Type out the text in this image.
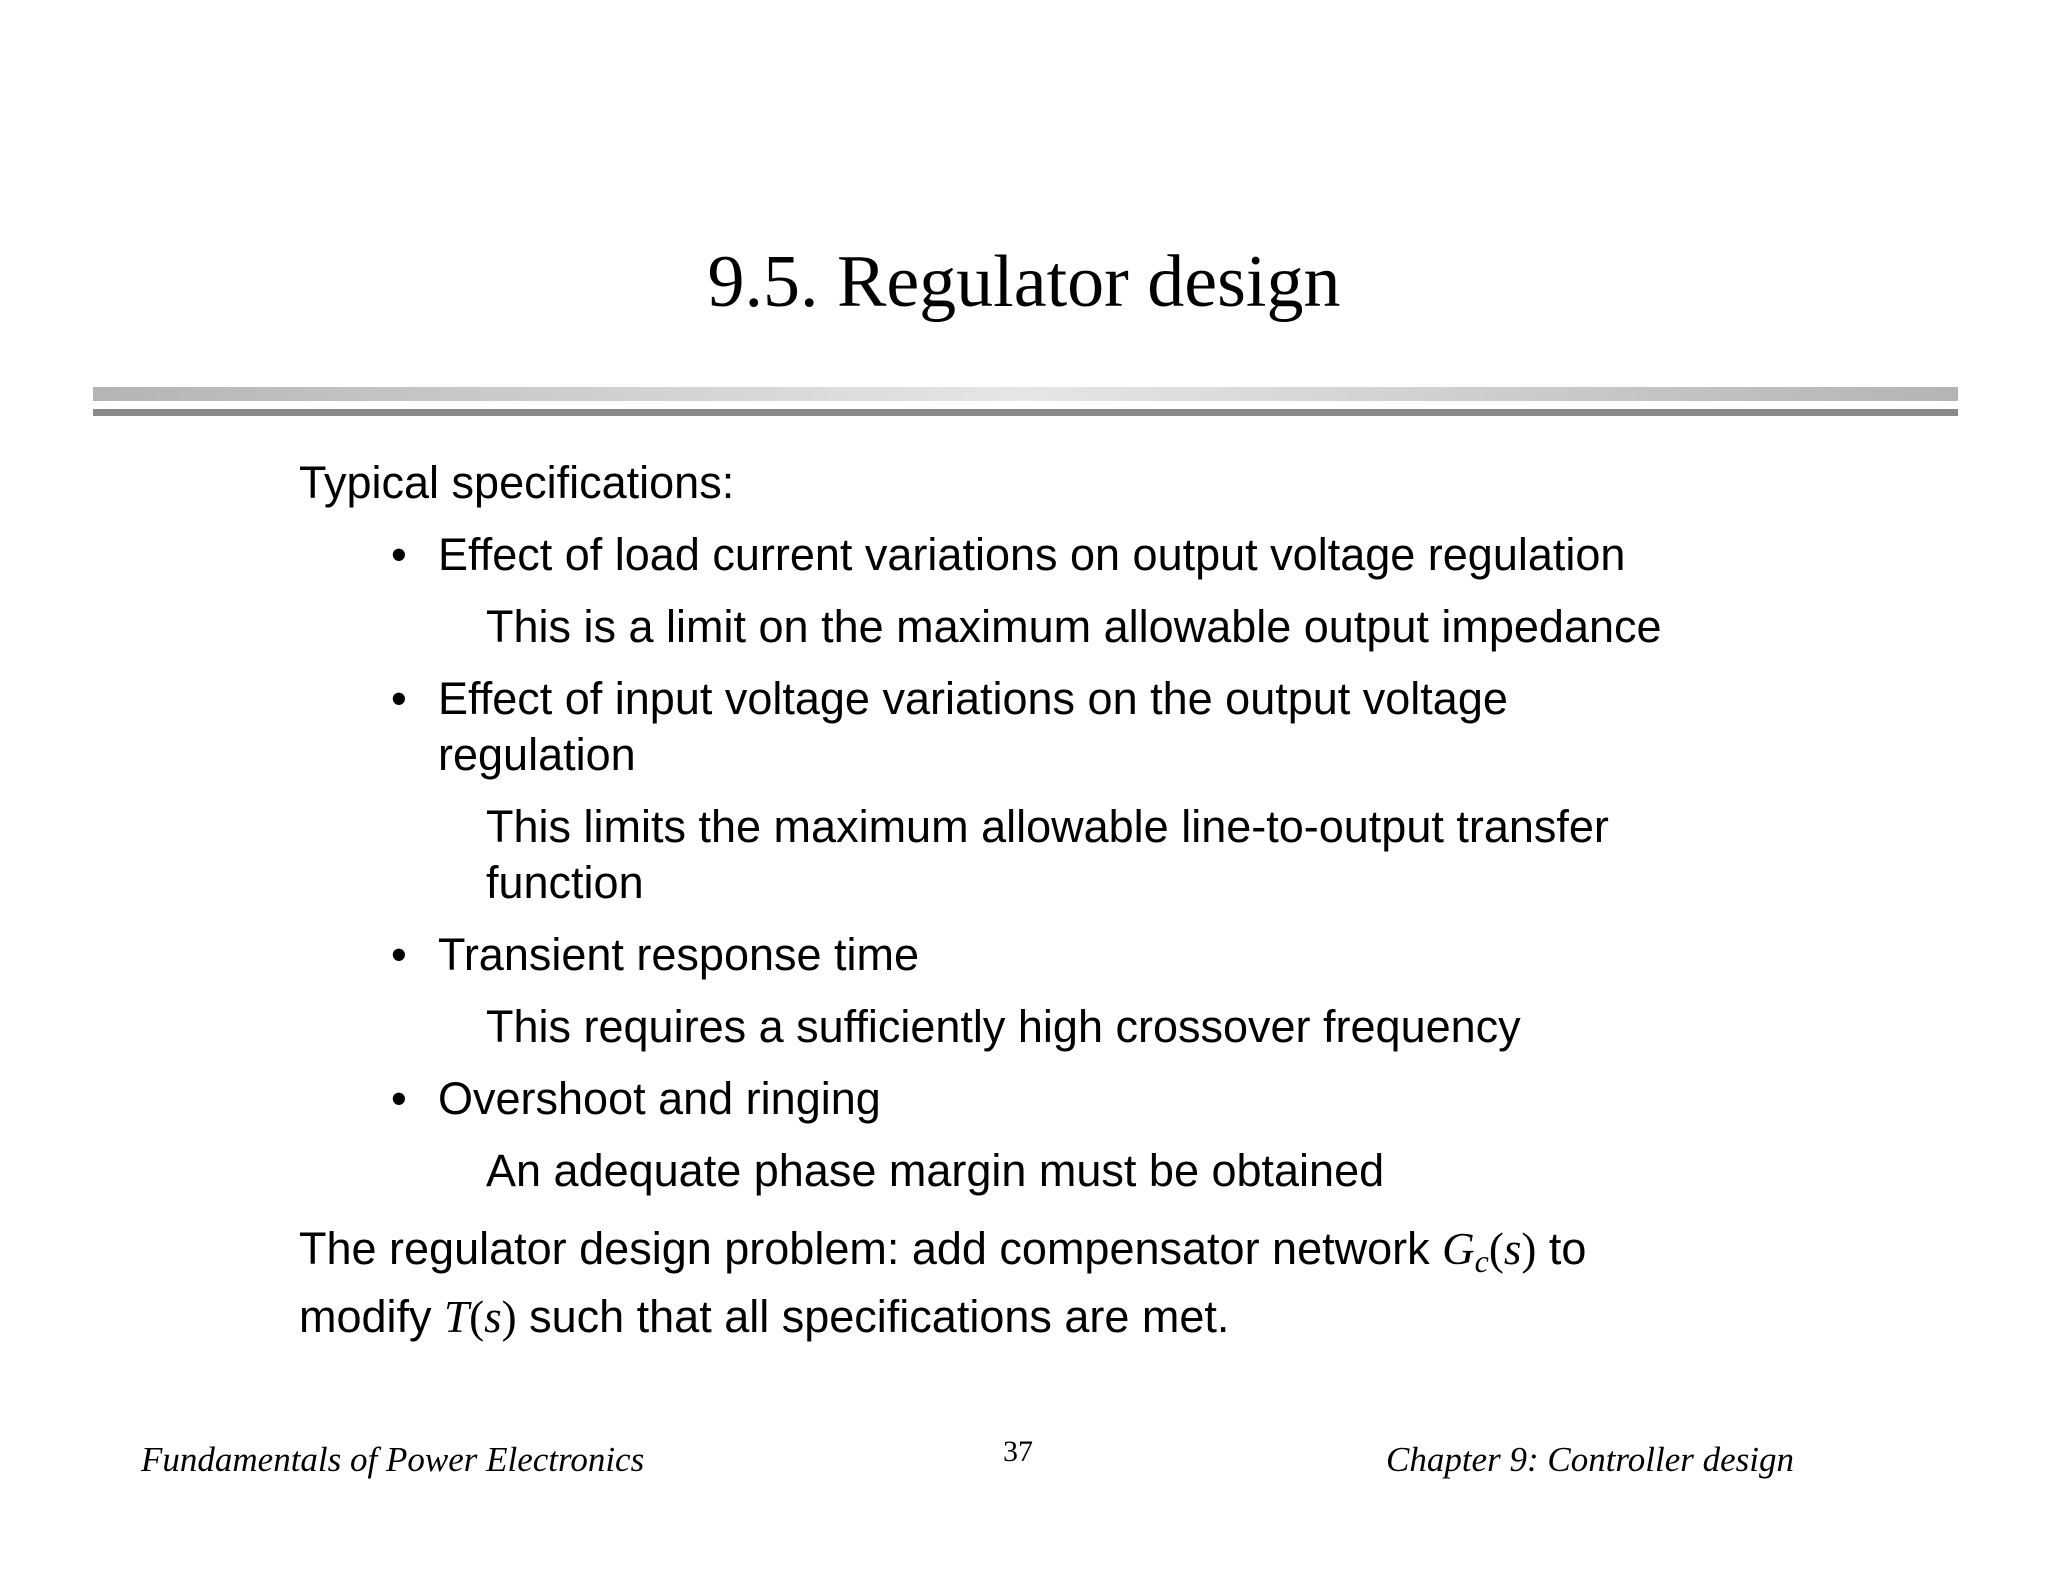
9.5. Regulator design

Typical specifications:

• Effect of load current variations on output voltage regulation
This is a limit on the maximum allowable output impedance
• Effect of input voltage variations on the output voltage regulation
This limits the maximum allowable line-to-output transfer function
• Transient response time
This requires a sufficiently high crossover frequency
• Overshoot and ringing
An adequate phase margin must be obtained

The regulator design problem: add compensator network Gc(s) to modify T(s) such that all specifications are met.

Fundamentals of Power Electronics	37	Chapter 9: Controller design
